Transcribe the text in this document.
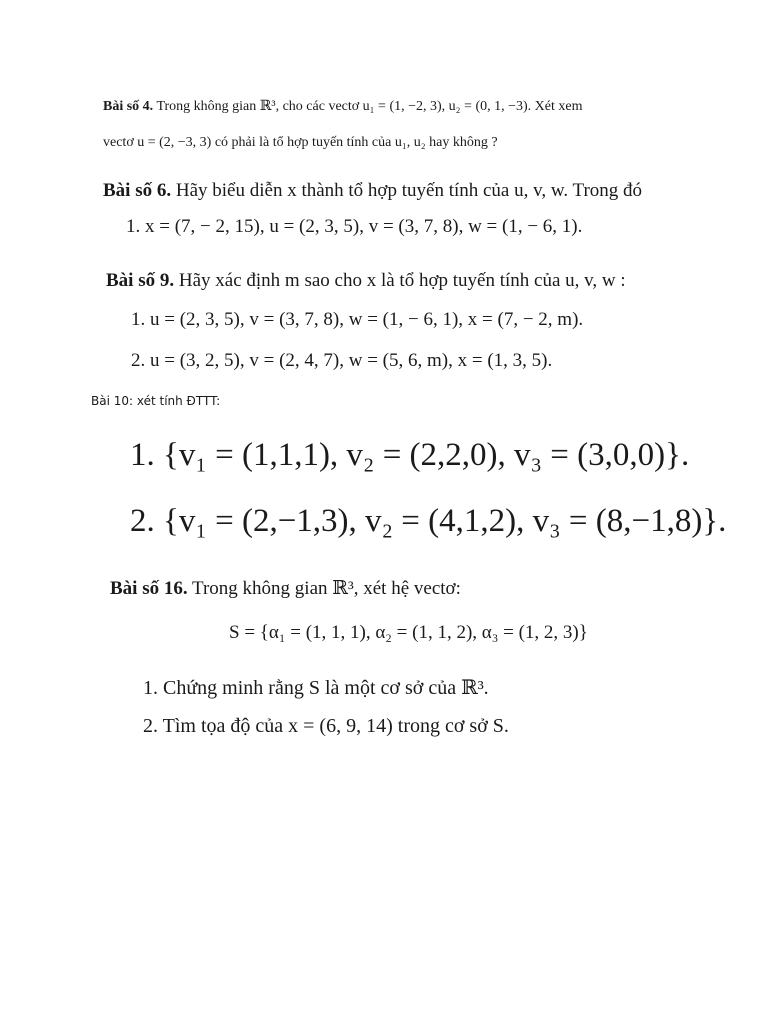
Bài số 4. Trong không gian ℝ³, cho các vectơ u₁ = (1, −2, 3), u₂ = (0, 1, −3). Xét xem
vectơ u = (2, −3, 3) có phải là tổ hợp tuyến tính của u₁, u₂ hay không ?
Bài số 6. Hãy biểu diễn x thành tổ hợp tuyến tính của u, v, w. Trong đó
1. x = (7, − 2, 15), u = (2, 3, 5), v = (3, 7, 8), w = (1, − 6, 1).
Bài số 9. Hãy xác định m sao cho x là tổ hợp tuyến tính của u, v, w :
1. u = (2, 3, 5), v = (3, 7, 8), w = (1, − 6, 1), x = (7, − 2, m).
2. u = (3, 2, 5), v = (2, 4, 7), w = (5, 6, m), x = (1, 3, 5).
Bài 10: xét tính ĐTTT:
1. {v₁ = (1,1,1), v₂ = (2,2,0), v₃ = (3,0,0)}.
2. {v₁ = (2,−1,3), v₂ = (4,1,2), v₃ = (8,−1,8)}.
Bài số 16. Trong không gian ℝ³, xét hệ vectơ:
S = {α₁ = (1, 1, 1), α₂ = (1, 1, 2), α₃ = (1, 2, 3)}
1. Chứng minh rằng S là một cơ sở của ℝ³.
2. Tìm tọa độ của x = (6, 9, 14) trong cơ sở S.
